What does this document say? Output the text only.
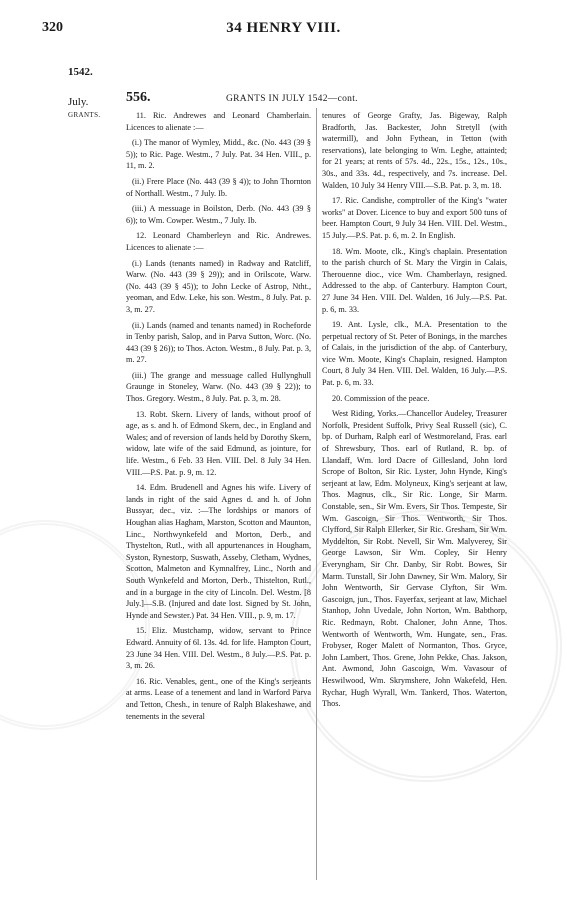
320	34 HENRY VIII.
1542.
July.
GRANTS.
556.	GRANTS IN JULY 1542—cont.

11. Ric. Andrewes and Leonard Chamberlain. Licences to alienate :—

(i.) The manor of Wymley, Midd., &c. (No. 443 (39 § 5)); to Ric. Page. Westm., 7 July. Pat. 34 Hen. VIII., p. 11, m. 2.

(ii.) Frere Place (No. 443 (39 § 4)); to John Thornton of Northall. Westm., 7 July. Ib.

(iii.) A messuage in Boilston, Derb. (No. 443 (39 § 6)); to Wm. Cowper. Westm., 7 July. Ib.

12. Leonard Chamberleyn and Ric. Andrewes. Licences to alienate :—

(i.) Lands (tenants named) in Radway and Ratcliff, Warw. (No. 443 (39 § 29)); and in Orilscote, Warw. (No. 443 (39 § 45)); to John Lecke of Astrop, Ntht., yeoman, and Edw. Leke, his son. Westm., 8 July. Pat. p. 3, m. 27.

(ii.) Lands (named and tenants named) in Rocheforde in Tenby parish, Salop, and in Parva Sutton, Worc. (No. 443 (39 § 26)); to Thos. Acton. Westm., 8 July. Pat. p. 3, m. 27.

(iii.) The grange and messuage called Hullynghull Graunge in Stoneley, Warw. (No. 443 (39 § 22)); to Thos. Gregory. Westm., 8 July. Pat. p. 3, m. 28.

13. Robt. Skern. Livery of lands, without proof of age, as s. and h. of Edmond Skern, dec., in England and Wales; and of reversion of lands held by Dorothy Skern, widow, late wife of the said Edmund, as jointure, for life. Westm., 6 Feb. 33 Hen. VIII. Del. 8 July 34 Hen. VIII.—P.S. Pat. p. 9, m. 12.

14. Edm. Brudenell and Agnes his wife. Livery of lands in right of the said Agnes d. and h. of John Bussyar, dec., viz. :—The lordships or manors of Houghan alias Hagham, Marston, Scotton and Maunton, Linc., Northwynkefeld and Morton, Derb., and Thystelton, Rutl., with all appurtenances in Hougham, Syston, Rynestorp, Suswath, Asseby, Cletham, Wydnes, Scotton, Malmeton and Kymnalfrey, Linc., North and South Wynkefeld and Morton, Derb., Thistelton, Rutl., and in a burgage in the city of Lincoln. Del. Westm. [8 July.]—S.B. (Injured and date lost. Signed by St. John, Hynde and Sewster.) Pat. 34 Hen. VIII., p. 9, m. 17.

15. Eliz. Mustchamp, widow, servant to Prince Edward. Annuity of 6l. 13s. 4d. for life. Hampton Court, 23 June 34 Hen. VIII. Del. Westm., 8 July.—P.S. Pat. p. 3, m. 26.

16. Ric. Venables, gent., one of the King's serjeants at arms. Lease of a tenement and land in Warford Parva and Tetton, Chesh., in tenure of Ralph Blakeshawe, and tenements in the several

tenures of George Grafty, Jas. Bigeway, Ralph Bradforth, Jas. Backester, John Stretyll (with watermill), and John Fythean, in Tetton (with reservations), late belonging to Wm. Leghe, attainted; for 21 years; at rents of 57s. 4d., 22s., 15s., 12s., 10s., 30s., and 33s. 4d., respectively, and 7s. increase. Del. Walden, 10 July 34 Henry VIII.—S.B. Pat. p. 3, m. 18.

17. Ric. Candishe, comptroller of the King's "water works" at Dover. Licence to buy and export 500 tuns of beer. Hampton Court, 9 July 34 Hen. VIII. Del. Westm., 15 July.—P.S. Pat. p. 6, m. 2. In English.

18. Wm. Moote, clk., King's chaplain. Presentation to the parish church of St. Mary the Virgin in Calais, Therouenne dioc., vice Wm. Chamberlayn, resigned. Addressed to the abp. of Canterbury. Hampton Court, 27 June 34 Hen. VIII. Del. Walden, 16 July.—P.S. Pat. p. 6, m. 33.

19. Ant. Lysle, clk., M.A. Presentation to the perpetual rectory of St. Peter of Bonings, in the marches of Calais, in the jurisdiction of the abp. of Canterbury, vice Wm. Moote, King's Chaplain, resigned. Hampton Court, 8 July 34 Hen. VIII. Del. Walden, 16 July.—P.S. Pat. p. 6, m. 33.

20. Commission of the peace.

West Riding, Yorks.—Chancellor Audeley, Treasurer Norfolk, President Suffolk, Privy Seal Russell (sic), C. bp. of Durham, Ralph earl of Westmoreland, Fras. earl of Shrewsbury, Thos. earl of Rutland, R. bp. of Llandaff, Wm. lord Dacre of Gillesland, John lord Scrope of Bolton, Sir Ric. Lyster, John Hynde, King's serjeant at law, Edm. Molyneux, King's serjeant at law, Thos. Magnus, clk., Sir Ric. Longe, Sir Marm. Constable, sen., Sir Wm. Evers, Sir Thos. Tempeste, Sir Wm. Gascoign, Sir Thos. Wentworth, Sir Thos. Clyfford, Sir Ralph Ellerker, Sir Ric. Gresham, Sir Wm. Myddelton, Sir Robt. Nevell, Sir Wm. Malyverey, Sir George Lawson, Sir Wm. Copley, Sir Henry Everyngham, Sir Chr. Danby, Sir Robt. Bowes, Sir Marm. Tunstall, Sir John Dawney, Sir Wm. Malory, Sir John Wentworth, Sir Gervase Clyfton, Sir Wm. Gascoign, jun., Thos. Fayerfax, serjeant at law, Michael Stanhop, John Uvedale, John Norton, Wm. Babthorp, Ric. Redmayn, Robt. Chaloner, John Anne, Thos. Wentworth of Wentworth, Wm. Hungate, sen., Fras. Frobyser, Roger Malett of Normanton, Thos. Gryce, John Lambert, Thos. Grene, John Pekke, Chas. Jakson, Ant. Awmond, John Gascoign, Wm. Vavasour of Heswilwood, Wm. Skrymshere, John Wakefeld, Hen. Rychar, Hugh Wyrall, Wm. Tankerd, Thos. Waterton, Thos.
